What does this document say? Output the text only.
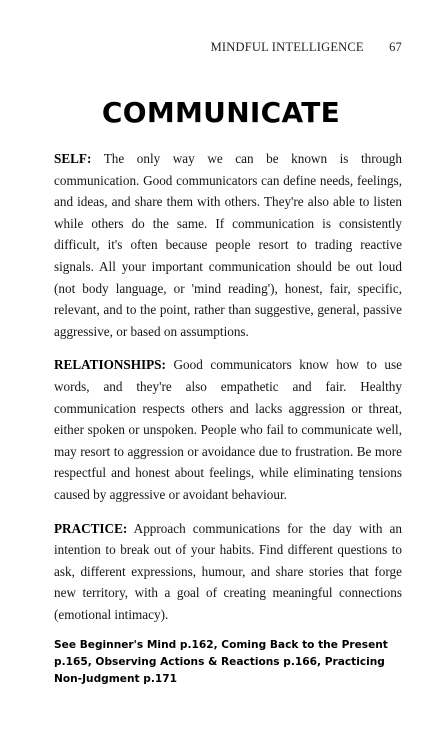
MINDFUL INTELLIGENCE 67
COMMUNICATE

SELF: The only way we can be known is through communication. Good communicators can define needs, feelings, and ideas, and share them with others. They're also able to listen while others do the same. If communication is consistently difficult, it's often because people resort to trading reactive signals. All your important communication should be out loud (not body language, or 'mind reading'), honest, fair, specific, relevant, and to the point, rather than suggestive, general, passive aggressive, or based on assumptions.

RELATIONSHIPS: Good communicators know how to use words, and they're also empathetic and fair. Healthy communication respects others and lacks aggression or threat, either spoken or unspoken. People who fail to communicate well, may resort to aggression or avoidance due to frustration. Be more respectful and honest about feelings, while eliminating tensions caused by aggressive or avoidant behaviour.

PRACTICE: Approach communications for the day with an intention to break out of your habits. Find different questions to ask, different expressions, humour, and share stories that forge new territory, with a goal of creating meaningful connections (emotional intimacy).

See Beginner's Mind p.162, Coming Back to the Present p.165, Observing Actions & Reactions p.166, Practicing Non-Judgment p.171
